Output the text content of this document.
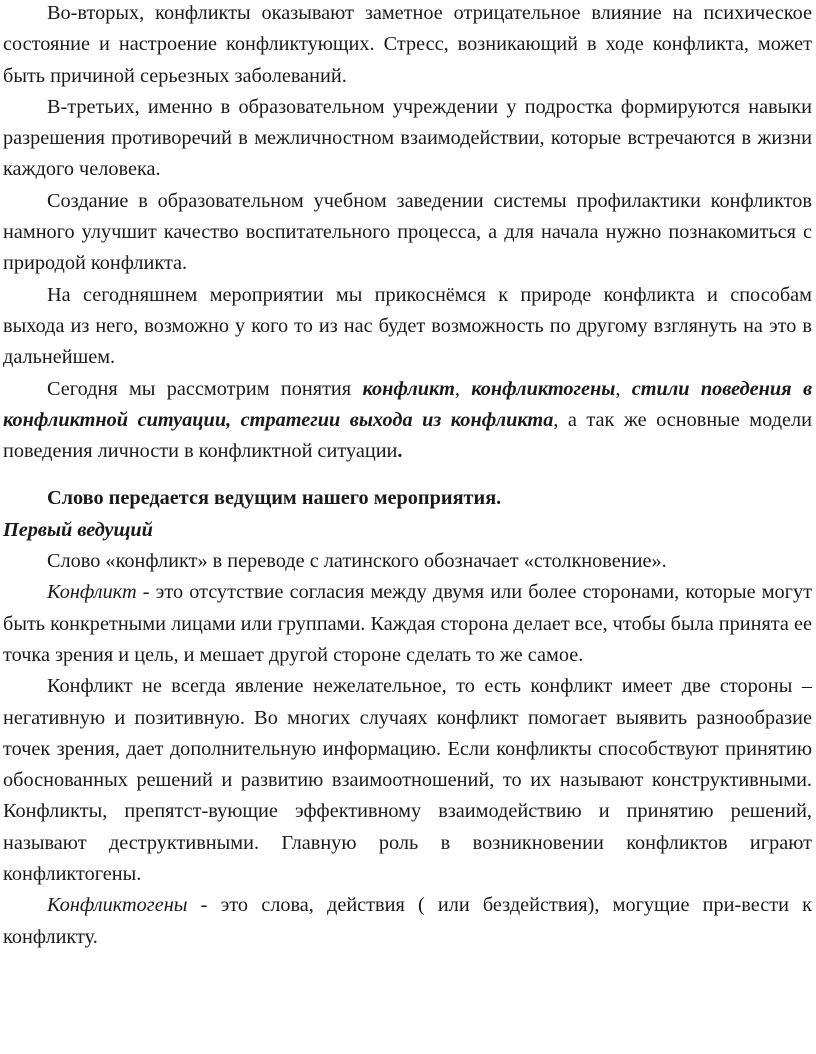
Во-вторых, конфликты оказывают заметное отрицательное влияние на психическое состояние и настроение конфликтующих. Стресс, возникающий в ходе конфликта, может быть причиной серьезных заболеваний.

В-третьих, именно в образовательном учреждении у подростка формируются навыки разрешения противоречий в межличностном взаимодействии, которые встречаются в жизни каждого человека.

Создание в образовательном учебном заведении системы профилактики конфликтов намного улучшит качество воспитательного процесса, а для начала нужно познакомиться с природой конфликта.

На сегодняшнем мероприятии мы прикоснёмся к природе конфликта и способам выхода из него, возможно у кого то из нас будет возможность по другому взглянуть на это в дальнейшем.

Сегодня мы рассмотрим понятия конфликт, конфликтогены, стили поведения в конфликтной ситуации, стратегии выхода из конфликта, а так же основные модели поведения личности в конфликтной ситуации.

Слово передается ведущим нашего мероприятия.

Первый ведущий

Слово «конфликт» в переводе с латинского обозначает «столкновение».

Конфликт - это отсутствие согласия между двумя или более сторонами, которые могут быть конкретными лицами или группами. Каждая сторона делает все, чтобы была принята ее точка зрения и цель, и мешает другой стороне сделать то же самое.

Конфликт не всегда явление нежелательное, то есть конфликт имеет две стороны – негативную и позитивную. Во многих случаях конфликт помогает выявить разнообразие точек зрения, дает дополнительную информацию. Если конфликты способствуют принятию обоснованных решений и развитию взаимоотношений, то их называют конструктивными. Конфликты, препятст-вующие эффективному взаимодействию и принятию решений, называют деструктивными. Главную роль в возникновении конфликтов играют конфликтогены.

Конфликтогены - это слова, действия ( или бездействия), могущие при-вести к конфликту.
